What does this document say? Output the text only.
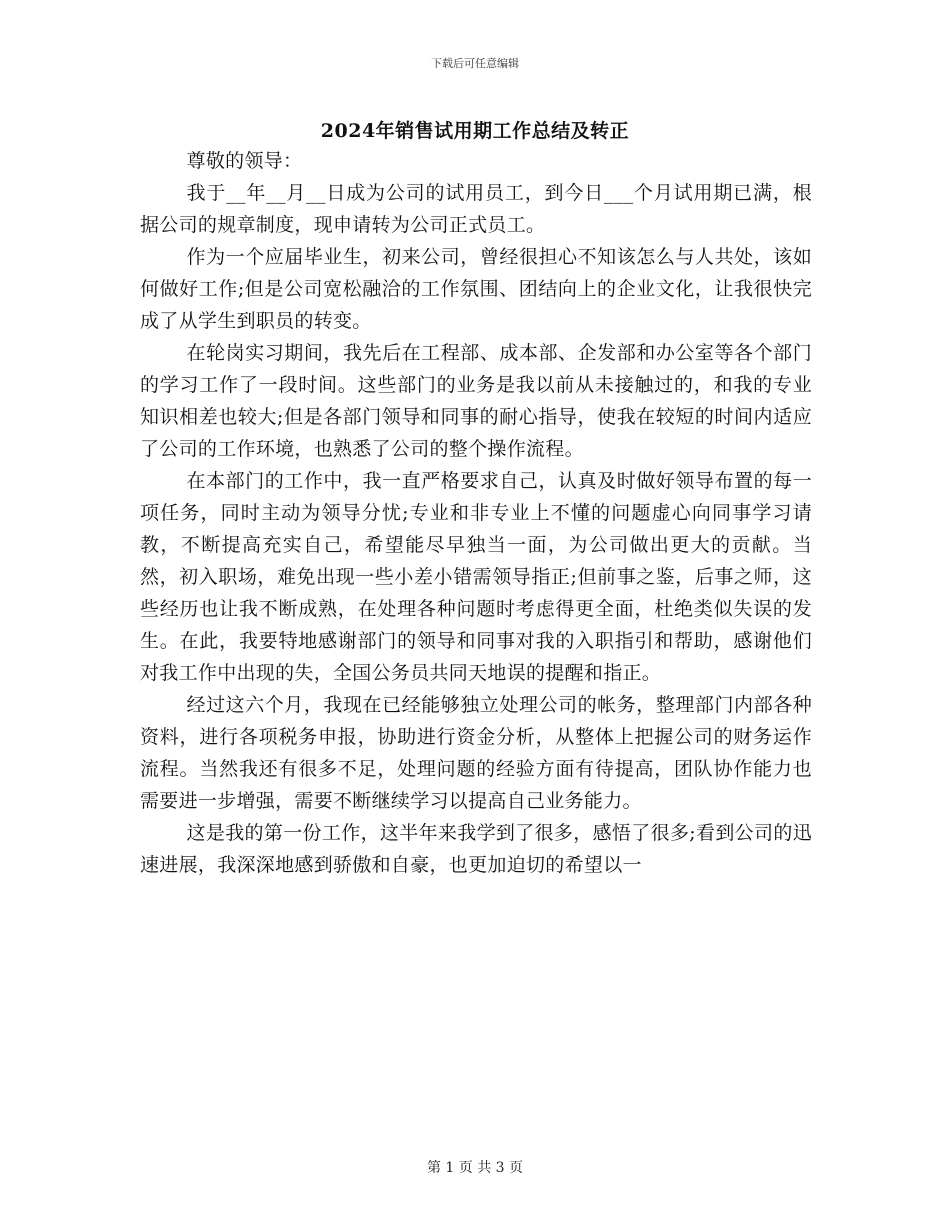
下载后可任意编辑
2024年销售试用期工作总结及转正

尊敬的领导：

我于__年__月__日成为公司的试用员工，到今日___个月试用期已满，根据公司的规章制度，现申请转为公司正式员工。

作为一个应届毕业生，初来公司，曾经很担心不知该怎么与人共处，该如何做好工作;但是公司宽松融洽的工作氛围、团结向上的企业文化，让我很快完成了从学生到职员的转变。

在轮岗实习期间，我先后在工程部、成本部、企发部和办公室等各个部门的学习工作了一段时间。这些部门的业务是我以前从未接触过的，和我的专业知识相差也较大;但是各部门领导和同事的耐心指导，使我在较短的时间内适应了公司的工作环境，也熟悉了公司的整个操作流程。

在本部门的工作中，我一直严格要求自己，认真及时做好领导布置的每一项任务，同时主动为领导分忧;专业和非专业上不懂的问题虚心向同事学习请教，不断提高充实自己，希望能尽早独当一面，为公司做出更大的贡献。当然，初入职场，难免出现一些小差小错需领导指正;但前事之鉴，后事之师，这些经历也让我不断成熟，在处理各种问题时考虑得更全面，杜绝类似失误的发生。在此，我要特地感谢部门的领导和同事对我的入职指引和帮助，感谢他们对我工作中出现的失，全国公务员共同天地误的提醒和指正。

经过这六个月，我现在已经能够独立处理公司的帐务，整理部门内部各种资料，进行各项税务申报，协助进行资金分析，从整体上把握公司的财务运作流程。当然我还有很多不足，处理问题的经验方面有待提高，团队协作能力也需要进一步增强，需要不断继续学习以提高自己业务能力。

这是我的第一份工作，这半年来我学到了很多，感悟了很多;看到公司的迅速进展，我深深地感到骄傲和自豪，也更加迫切的希望以一

第 1 页 共 3 页
